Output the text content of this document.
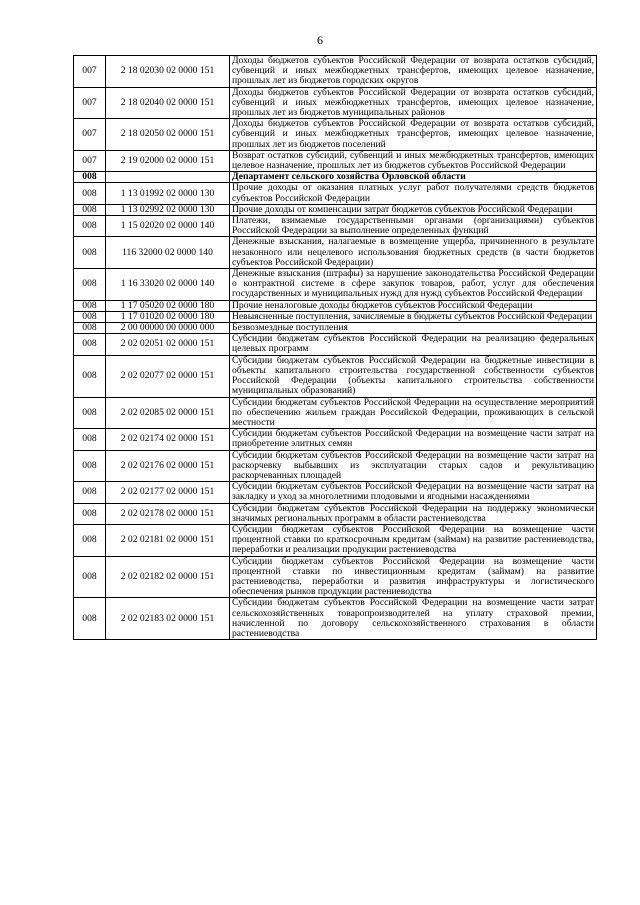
6
007	2 18 02030 02 0000 151	Доходы бюджетов субъектов Российской Федерации от возврата остатков субсидий, субвенций и иных межбюджетных трансфертов, имеющих целевое назначение, прошлых лет из бюджетов городских округов
007	2 18 02040 02 0000 151	Доходы бюджетов субъектов Российской Федерации от возврата остатков субсидий, субвенций и иных межбюджетных трансфертов, имеющих целевое назначение, прошлых лет из бюджетов муниципальных районов
007	2 18 02050 02 0000 151	Доходы бюджетов субъектов Российской Федерации от возврата остатков субсидий, субвенций и иных межбюджетных трансфертов, имеющих целевое назначение, прошлых лет из бюджетов поселений
007	2 19 02000 02 0000 151	Возврат остатков субсидий, субвенций и иных межбюджетных трансфертов, имеющих целевое назначение, прошлых лет из бюджетов субъектов Российской Федерации
008		Департамент сельского хозяйства Орловской области
008	1 13 01992 02 0000 130	Прочие доходы от оказания платных услуг работ получателями средств бюджетов субъектов Российской Федерации
008	1 13 02992 02 0000 130	Прочие доходы от компенсации затрат бюджетов субъектов Российской Федерации
008	1 15 02020 02 0000 140	Платежи, взимаемые государственными органами (организациями) субъектов Российской Федерации за выполнение определенных функций
008	116 32000 02 0000 140	Денежные взыскания, налагаемые в возмещение ущерба, причиненного в результате незаконного или нецелевого использования бюджетных средств (в части бюджетов субъектов Российской Федерации)
008	1 16 33020 02 0000 140	Денежные взыскания (штрафы) за нарушение законодательства Российской Федерации о контрактной системе в сфере закупок товаров, работ, услуг для обеспечения государственных и муниципальных нужд для нужд субъектов Российской Федерации
008	1 17 05020 02 0000 180	Прочие неналоговые доходы бюджетов субъектов Российской Федерации
008	1 17 01020 02 0000 180	Невыясненные поступления, зачисляемые в бюджеты субъектов Российской Федерации
008	2 00 00000 00 0000 000	Безвозмездные поступления
008	2 02 02051 02 0000 151	Субсидии бюджетам субъектов Российской Федерации на реализацию федеральных целевых программ
008	2 02 02077 02 0000 151	Субсидии бюджетам субъектов Российской Федерации на бюджетные инвестиции в объекты капитального строительства государственной собственности субъектов Российской Федерации (объекты капитального строительства собственности муниципальных образований)
008	2 02 02085 02 0000 151	Субсидии бюджетам субъектов Российской Федерации на осуществление мероприятий по обеспечению жильем граждан Российской Федерации, проживающих в сельской местности
008	2 02 02174 02 0000 151	Субсидии бюджетам субъектов Российской Федерации на возмещение части затрат на приобретение элитных семян
008	2 02 02176 02 0000 151	Субсидии бюджетам субъектов Российской Федерации на возмещение части затрат на раскорчевку выбывших из эксплуатации старых садов и рекультивацию раскорчеванных площадей
008	2 02 02177 02 0000 151	Субсидии бюджетам субъектов Российской Федерации на возмещение части затрат на закладку и уход за многолетними плодовыми и ягодными насаждениями
008	2 02 02178 02 0000 151	Субсидии бюджетам субъектов Российской Федерации на поддержку экономически значимых региональных программ в области растениеводства
008	2 02 02181 02 0000 151	Субсидии бюджетам субъектов Российской Федерации на возмещение части процентной ставки по краткосрочным кредитам (займам) на развитие растениеводства, переработки и реализации продукции растениеводства
008	2 02 02182 02 0000 151	Субсидии бюджетам субъектов Российской Федерации на возмещение части процентной ставки по инвестиционным кредитам (займам) на развитие растениеводства, переработки и развития инфраструктуры и логистического обеспечения рынков продукции растениеводства
008	2 02 02183 02 0000 151	Субсидии бюджетам субъектов Российской Федерации на возмещение части затрат сельскохозяйственных товаропроизводителей на уплату страховой премии, начисленной по договору сельскохозяйственного страхования в области растениеводства
